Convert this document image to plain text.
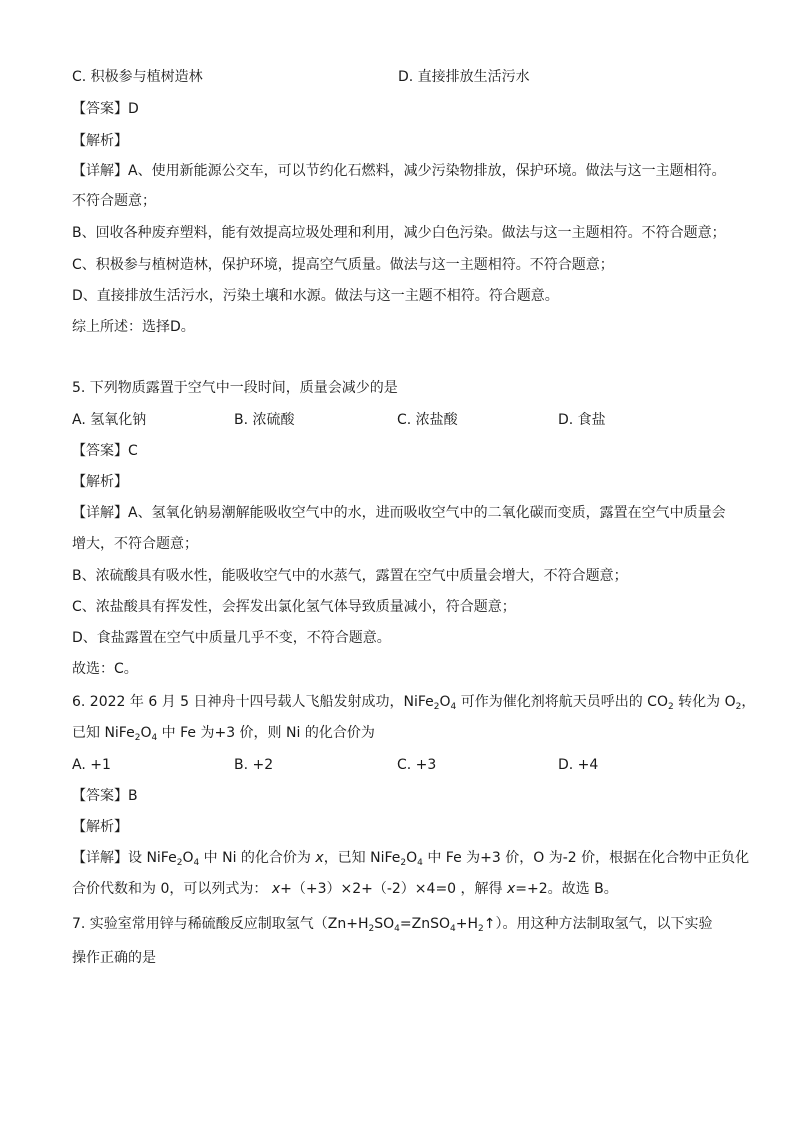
C. 积极参与植树造林	D. 直接排放生活污水
【答案】D
【解析】
【详解】A、使用新能源公交车，可以节约化石燃料，减少污染物排放，保护环境。做法与这一主题相符。
不符合题意；
B、回收各种废弃塑料，能有效提高垃圾处理和利用，减少白色污染。做法与这一主题相符。不符合题意；
C、积极参与植树造林，保护环境，提高空气质量。做法与这一主题相符。不符合题意；
D、直接排放生活污水，污染土壤和水源。做法与这一主题不相符。符合题意。
综上所述：选择D。
5. 下列物质露置于空气中一段时间，质量会减少的是
A. 氢氧化钠	B. 浓硫酸	C. 浓盐酸	D. 食盐
【答案】C
【解析】
【详解】A、氢氧化钠易潮解能吸收空气中的水，进而吸收空气中的二氧化碳而变质，露置在空气中质量会
增大，不符合题意；
B、浓硫酸具有吸水性，能吸收空气中的水蒸气，露置在空气中质量会增大，不符合题意；
C、浓盐酸具有挥发性，会挥发出氯化氢气体导致质量减小，符合题意；
D、食盐露置在空气中质量几乎不变，不符合题意。
故选：C。
6. 2022 年 6 月 5 日神舟十四号载人飞船发射成功，$NiFe_2O_4$ 可作为催化剂将航天员呼出的 $CO_2$ 转化为 $O_2$，
已知 $NiFe_2O_4$ 中 Fe 为+3 价，则 Ni 的化合价为
A. +1	B. +2	C. +3	D. +4
【答案】B
【解析】
【详解】设 $NiFe_2O_4$ 中 Ni 的化合价为 x，已知 $NiFe_2O_4$ 中 Fe 为+3 价，O 为-2 价，根据在化合物中正负化
合价代数和为 0，可以列式为： x+（+3）×2+（-2）×4=0 ，解得 x=+2。故选 B。
7. 实验室常用锌与稀硫酸反应制取氢气$(Zn+H_2SO_4=ZnSO_4+H_2↑)$。用这种方法制取氢气，以下实验
操作正确的是
